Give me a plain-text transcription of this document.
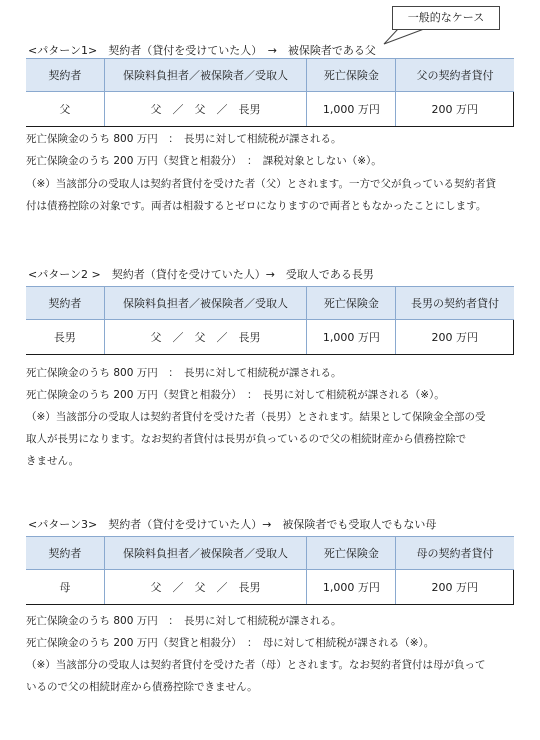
一般的なケース
<パターン1>　契約者（貸付を受けていた人）　→　被保険者である父
契約者	保険料負担者／被保険者／受取人	死亡保険金	父の契約者貸付
父	父　／　父　／　長男	1,000 万円	200 万円
死亡保険金のうち 800 万円　：　長男に対して相続税が課される。
死亡保険金のうち 200 万円（契貸と相殺分）　：　課税対象としない（※）。
（※）当該部分の受取人は契約者貸付を受けた者（父）とされます。一方で父が負っている契約者貸
付は債務控除の対象です。両者は相殺するとゼロになりますので両者ともなかったことにします。
<パターン2 >　契約者（貸付を受けていた人）→　受取人である長男
契約者	保険料負担者／被保険者／受取人	死亡保険金	長男の契約者貸付
長男	父　／　父　／　長男	1,000 万円	200 万円
死亡保険金のうち 800 万円　：　長男に対して相続税が課される。
死亡保険金のうち 200 万円（契貸と相殺分）　：　長男に対して相続税が課される（※）。
（※）当該部分の受取人は契約者貸付を受けた者（長男）とされます。結果として保険金全部の受
取人が長男になります。なお契約者貸付は長男が負っているので父の相続財産から債務控除で
きません。
<パターン3>　契約者（貸付を受けていた人）→　被保険者でも受取人でもない母
契約者	保険料負担者／被保険者／受取人	死亡保険金	母の契約者貸付
母	父　／　父　／　長男	1,000 万円	200 万円
死亡保険金のうち 800 万円　：　長男に対して相続税が課される。
死亡保険金のうち 200 万円（契貸と相殺分）　：　母に対して相続税が課される（※）。
（※）当該部分の受取人は契約者貸付を受けた者（母）とされます。なお契約者貸付は母が負って
いるので父の相続財産から債務控除できません。
